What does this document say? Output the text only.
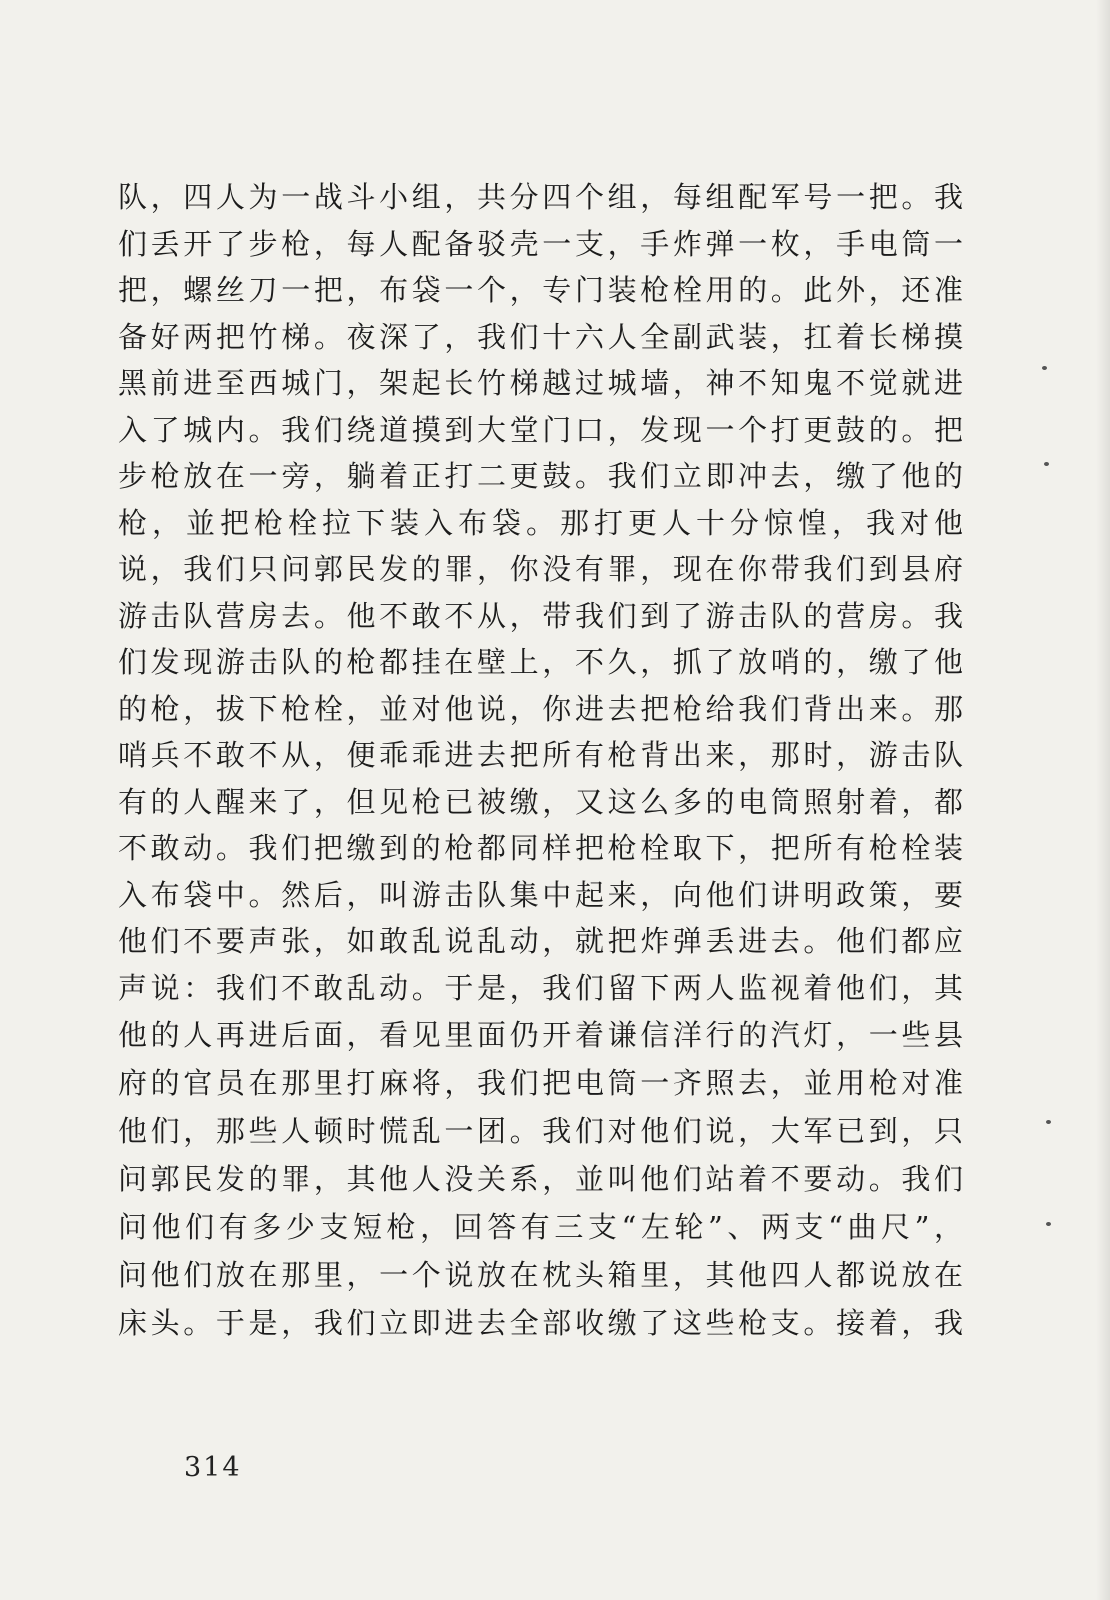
队，四人为一战斗小组，共分四个组，每组配军号一把。我
们丢开了步枪，每人配备驳壳一支，手炸弹一枚，手电筒一
把，螺丝刀一把，布袋一个，专门装枪栓用的。此外，还准
备好两把竹梯。夜深了，我们十六人全副武装，扛着长梯摸
黑前进至西城门，架起长竹梯越过城墙，神不知鬼不觉就进
入了城内。我们绕道摸到大堂门口，发现一个打更鼓的。把
步枪放在一旁，躺着正打二更鼓。我们立即冲去，缴了他的
枪，並把枪栓拉下装入布袋。那打更人十分惊惶，我对他
说，我们只问郭民发的罪，你没有罪，现在你带我们到县府
游击队营房去。他不敢不从，带我们到了游击队的营房。我
们发现游击队的枪都挂在壁上，不久，抓了放哨的，缴了他
的枪，拔下枪栓，並对他说，你进去把枪给我们背出来。那
哨兵不敢不从，便乖乖进去把所有枪背出来，那时，游击队
有的人醒来了，但见枪已被缴，又这么多的电筒照射着，都
不敢动。我们把缴到的枪都同样把枪栓取下，把所有枪栓装
入布袋中。然后，叫游击队集中起来，向他们讲明政策，要
他们不要声张，如敢乱说乱动，就把炸弹丢进去。他们都应
声说：我们不敢乱动。于是，我们留下两人监视着他们，其
他的人再进后面，看见里面仍开着谦信洋行的汽灯，一些县
府的官员在那里打麻将，我们把电筒一齐照去，並用枪对准
他们，那些人顿时慌乱一团。我们对他们说，大军已到，只
问郭民发的罪，其他人没关系，並叫他们站着不要动。我们
问他们有多少支短枪，回答有三支“左轮”、两支“曲尺”，
问他们放在那里，一个说放在枕头箱里，其他四人都说放在
床头。于是，我们立即进去全部收缴了这些枪支。接着，我
314
